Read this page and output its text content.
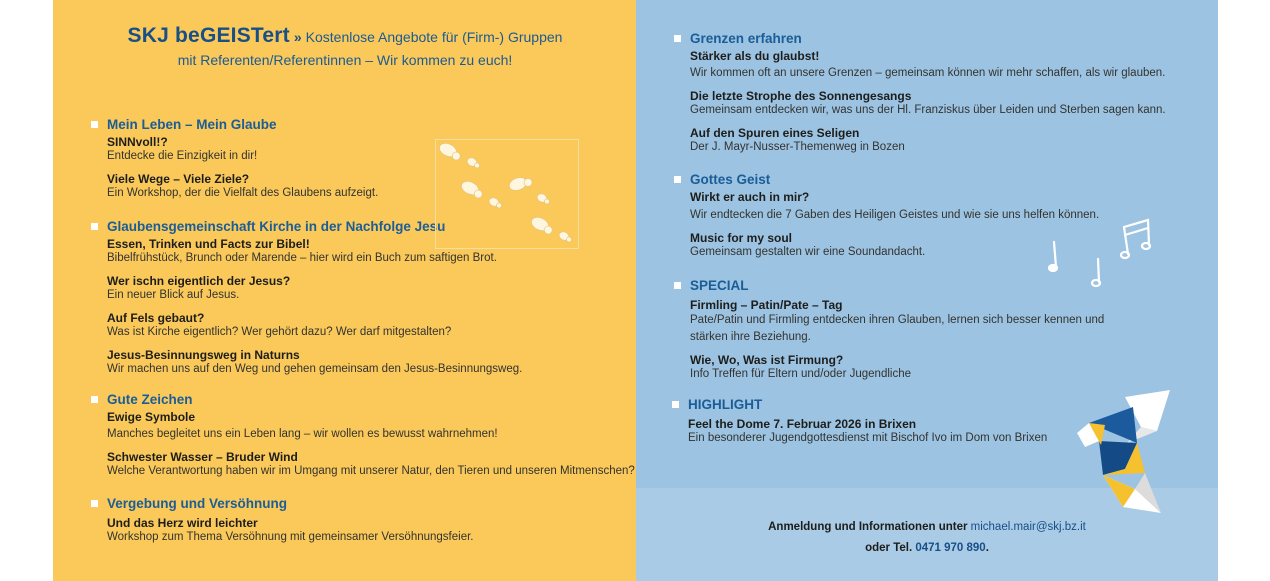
Anmeldung und Informationen unter michael.mair@skj.bz.it
oder Tel. 0471 970 890.
SKJ beGEISTert » Kostenlose Angebote für (Firm-) Gruppen
mit Referenten/Referentinnen – Wir kommen zu euch!
Mein Leben – Mein Glaube
SINNvoll!?
Entdecke die Einzigkeit in dir!
Viele Wege – Viele Ziele?
Ein Workshop, der die Vielfalt des Glaubens aufzeigt.
Glaubensgemeinschaft Kirche in der Nachfolge Jesu
Essen, Trinken und Facts zur Bibel!
Bibelfrühstück, Brunch oder Marende – hier wird ein Buch zum saftigen Brot.
Wer ischn eigentlich der Jesus?
Ein neuer Blick auf Jesus.
Auf Fels gebaut?
Was ist Kirche eigentlich? Wer gehört dazu? Wer darf mitgestalten?
Jesus-Besinnungsweg in Naturns
Wir machen uns auf den Weg und gehen gemeinsam den Jesus-Besinnungsweg.
Gute Zeichen
Ewige Symbole
Manches begleitet uns ein Leben lang – wir wollen es bewusst wahrnehmen!
Schwester Wasser – Bruder Wind
Welche Verantwortung haben wir im Umgang mit unserer Natur, den Tieren und unseren Mitmenschen?
Vergebung und Versöhnung
Und das Herz wird leichter
Workshop zum Thema Versöhnung mit gemeinsamer Versöhnungsfeier.
Grenzen erfahren
Stärker als du glaubst!
Wir kommen oft an unsere Grenzen – gemeinsam können wir mehr schaffen, als wir glauben.
Die letzte Strophe des Sonnengesangs
Gemeinsam entdecken wir, was uns der Hl. Franziskus über Leiden und Sterben sagen kann.
Auf den Spuren eines Seligen
Der J. Mayr-Nusser-Themenweg in Bozen
Gottes Geist
Wirkt er auch in mir?
Wir endtecken die 7 Gaben des Heiligen Geistes und wie sie uns helfen können.
Music for my soul
Gemeinsam gestalten wir eine Soundandacht.
SPECIAL
Firmling – Patin/Pate – Tag
Pate/Patin und Firmling entdecken ihren Glauben, lernen sich besser kennen und
stärken ihre Beziehung.
Wie, Wo, Was ist Firmung?
Info Treffen für Eltern und/oder Jugendliche
HIGHLIGHT
Feel the Dome 7. Februar 2026 in Brixen
Ein besonderer Jugendgottesdienst mit Bischof Ivo im Dom von Brixen
